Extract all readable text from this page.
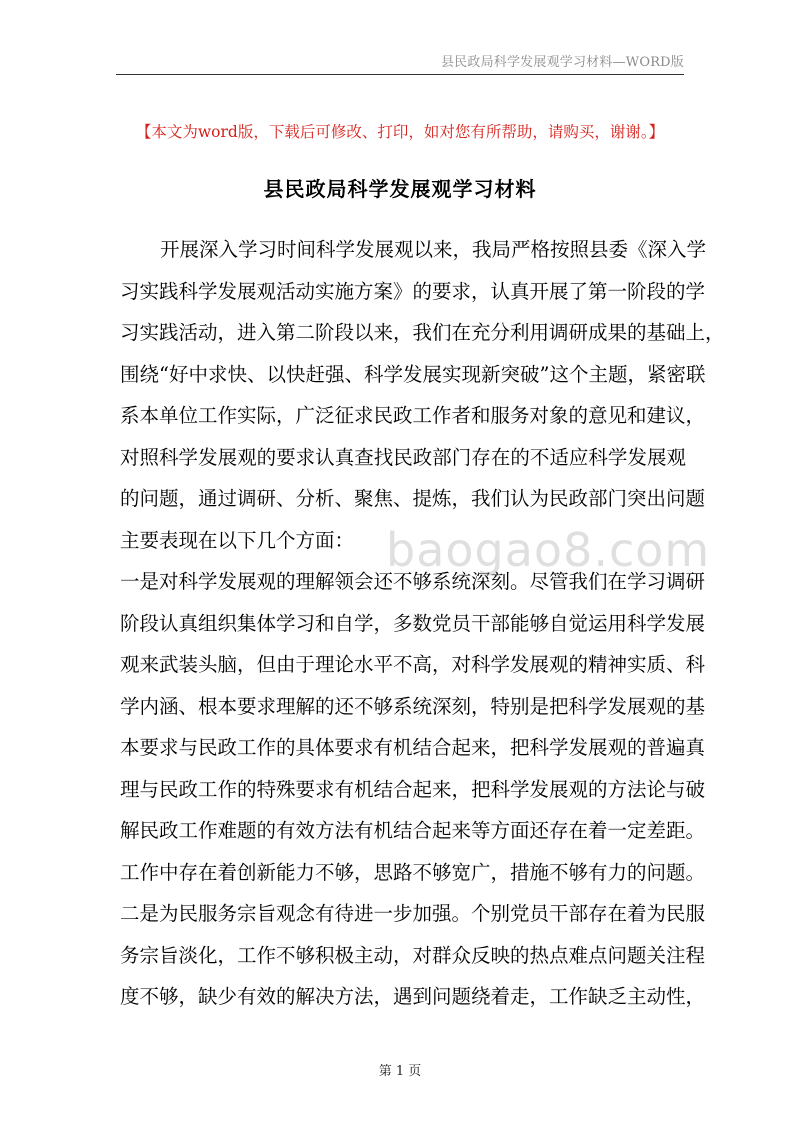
县民政局科学发展观学习材料—WORD版
【本文为word版，下载后可修改、打印，如对您有所帮助，请购买，谢谢。】
县民政局科学发展观学习材料
开展深入学习时间科学发展观以来，我局严格按照县委《深入学
习实践科学发展观活动实施方案》的要求，认真开展了第一阶段的学
习实践活动，进入第二阶段以来，我们在充分利用调研成果的基础上，
围绕“好中求快、以快赶强、科学发展实现新突破”这个主题，紧密联
系本单位工作实际，广泛征求民政工作者和服务对象的意见和建议，
对照科学发展观的要求认真查找民政部门存在的不适应科学发展观
的问题，通过调研、分析、聚焦、提炼，我们认为民政部门突出问题
主要表现在以下几个方面：
一是对科学发展观的理解领会还不够系统深刻。尽管我们在学习调研
阶段认真组织集体学习和自学，多数党员干部能够自觉运用科学发展
观来武装头脑，但由于理论水平不高，对科学发展观的精神实质、科
学内涵、根本要求理解的还不够系统深刻，特别是把科学发展观的基
本要求与民政工作的具体要求有机结合起来，把科学发展观的普遍真
理与民政工作的特殊要求有机结合起来，把科学发展观的方法论与破
解民政工作难题的有效方法有机结合起来等方面还存在着一定差距。
工作中存在着创新能力不够，思路不够宽广，措施不够有力的问题。
二是为民服务宗旨观念有待进一步加强。个别党员干部存在着为民服
务宗旨淡化，工作不够积极主动，对群众反映的热点难点问题关注程
度不够，缺少有效的解决方法，遇到问题绕着走，工作缺乏主动性，
baogao8.com
第 1 页
